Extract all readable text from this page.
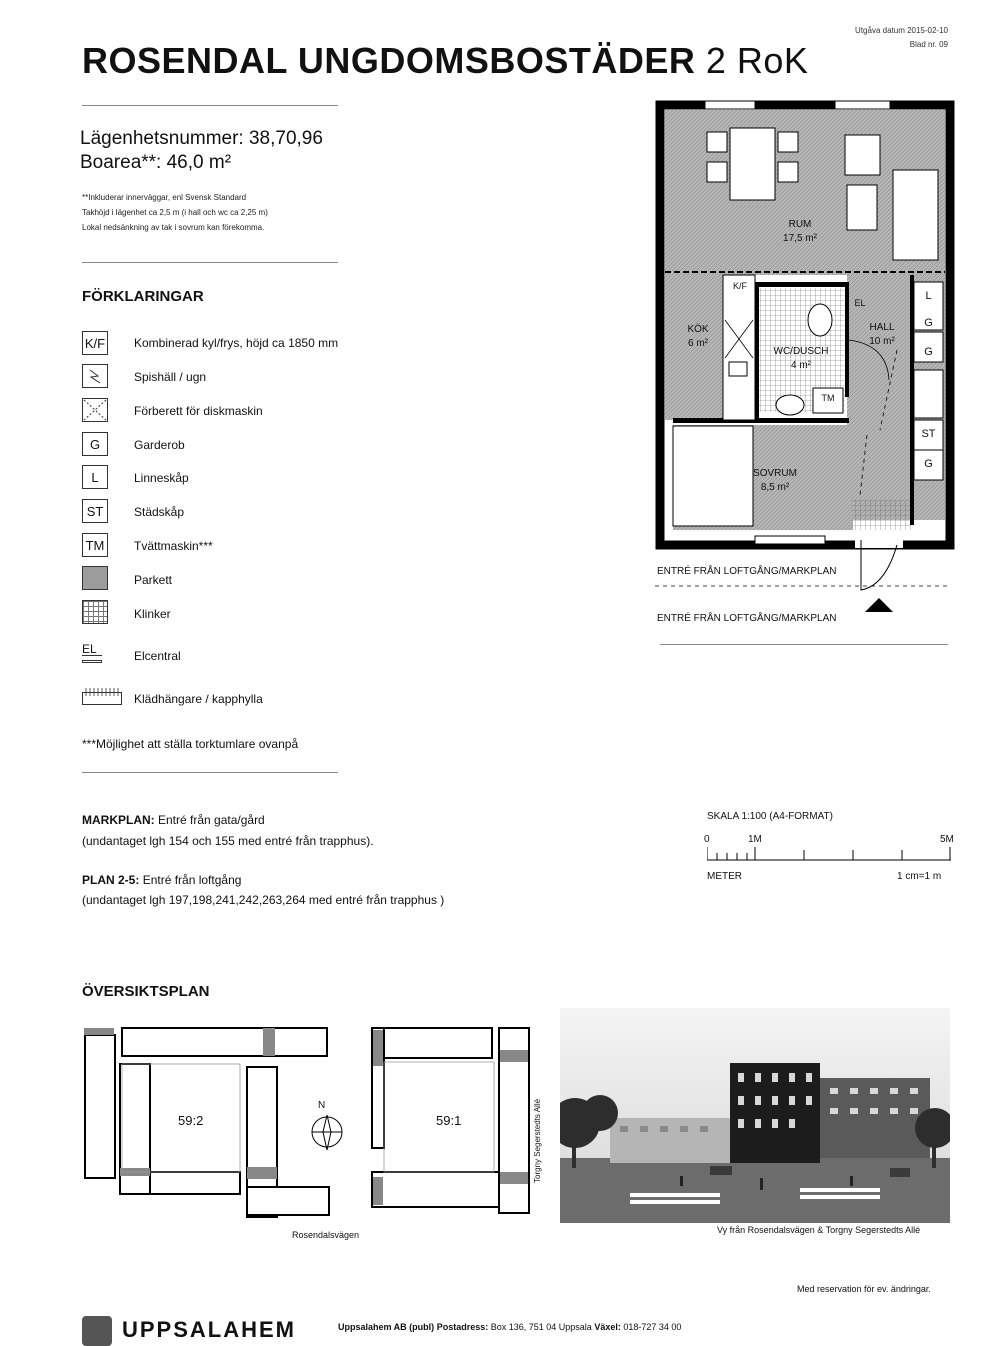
Utgåva datum 2015-02-10
Blad nr. 09
ROSENDAL UNGDOMSBOSTÄDER 2 RoK
Lägenhetsnummer: 38,70,96
Boarea**: 46,0 m²
**Inkluderar innerväggar, enl Svensk Standard
Takhöjd i lägenhet ca 2,5 m (i hall och wc ca 2,25 m)
Lokal nedsänkning av tak i sovrum kan förekomma.
FÖRKLARINGAR
K/F Kombinerad kyl/frys, höjd ca 1850 mm
Spishäll / ugn
Förberett för diskmaskin
G	Garderob
L	Linneskåp
ST	Städskåp
TM	Tvättmaskin***
Parkett
Klinker
EL	Elcentral
Klädhängare / kapphylla
***Möjlighet att ställa torktumlare ovanpå
MARKPLAN: Entré från gata/gård
(undantaget lgh 154 och 155 med entré från trapphus).
PLAN 2-5: Entré från loftgång
(undantaget lgh 197,198,241,242,263,264 med entré från trapphus )
RUM
17,5 m²
KÖK
6 m²
WC/DUSCH
4 m²
HALL
10 m²
SOVRUM
8,5 m²
K/F
EL
TM
L
G
G
ST
G
ENTRÉ FRÅN LOFTGÅNG/MARKPLAN
ENTRÉ FRÅN LOFTGÅNG/MARKPLAN
SKALA 1:100 (A4-FORMAT)
0	1M	5M
METER	1 cm=1 m
ÖVERSIKTSPLAN
59:2	59:1
N
Rosendalsvägen
Torgny Segerstedts Allé
Vy från Rosendalsvägen & Torgny Segerstedts Allé
Med reservation för ev. ändringar.
UPPSALAHEM	Uppsalahem AB (publ) Postadress: Box 136, 751 04 Uppsala Växel: 018-727 34 00
